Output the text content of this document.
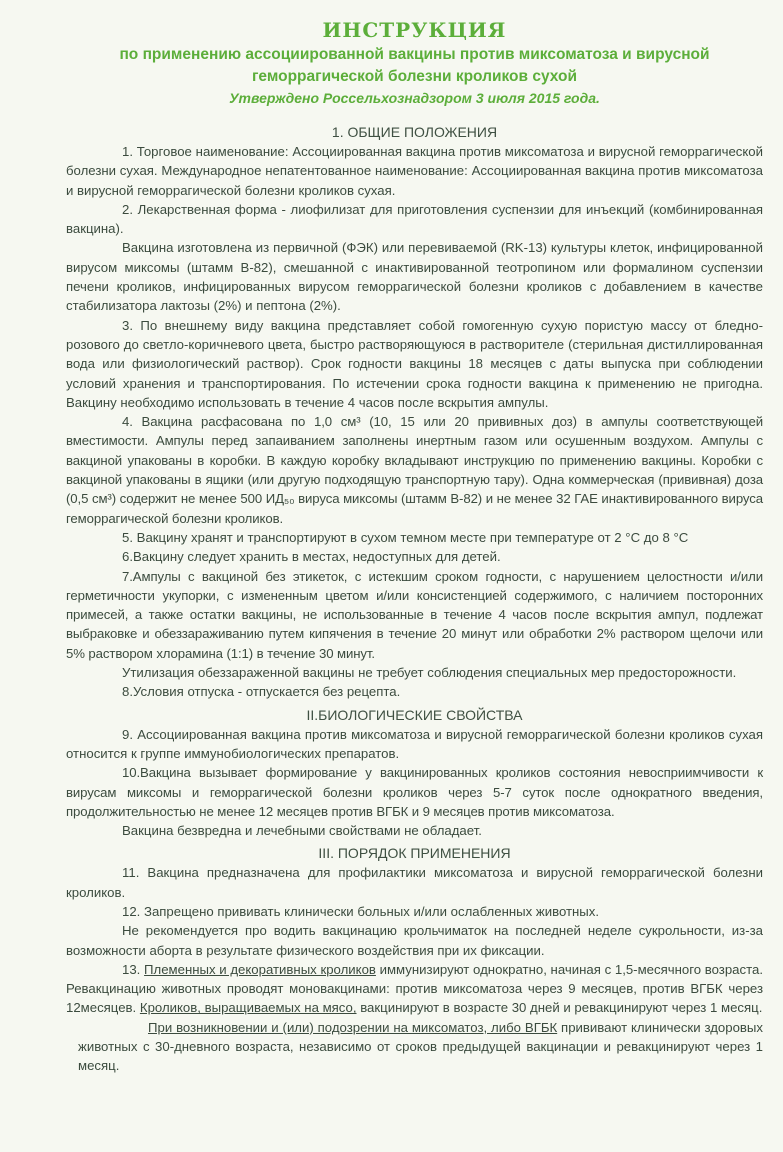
ИНСТРУКЦИЯ
по применению ассоциированной вакцины против миксоматоза и вирусной
геморрагической болезни кроликов сухой
Утверждено Россельхознадзором 3 июля 2015 года.
1. ОБЩИЕ ПОЛОЖЕНИЯ

1. Торговое наименование: Ассоциированная вакцина против миксоматоза и вирусной геморрагической болезни сухая. Международное непатентованное наименование: Ассоциированная вакцина против миксоматоза и вирусной геморрагической болезни кроликов сухая.

2. Лекарственная форма - лиофилизат для приготовления суспензии для инъекций (комбинированная вакцина).

Вакцина изготовлена из первичной (ФЭК) или перевиваемой (RK-13) культуры клеток, инфицированной вирусом миксомы (штамм В-82), смешанной с инактивированной теотропином или формалином суспензии печени кроликов, инфицированных вирусом геморрагической болезни кроликов с добавлением в качестве стабилизатора лактозы (2%) и пептона (2%).

3. По внешнему виду вакцина представляет собой гомогенную сухую пористую массу от бледно-розового до светло-коричневого цвета, быстро растворяющуюся в растворителе (стерильная дистиллированная вода или физиологический раствор). Срок годности вакцины 18 месяцев с даты выпуска при соблюдении условий хранения и транспортирования. По истечении срока годности вакцина к применению не пригодна. Вакцину необходимо использовать в течение 4 часов после вскрытия ампулы.

4. Вакцина расфасована по 1,0 см³ (10, 15 или 20 прививных доз) в ампулы соответствующей вместимости. Ампулы перед запаиванием заполнены инертным газом или осушенным воздухом. Ампулы с вакциной упакованы в коробки. В каждую коробку вкладывают инструкцию по применению вакцины. Коробки с вакциной упакованы в ящики (или другую подходящую транспортную тару). Одна коммерческая (прививная) доза (0,5 см³) содержит не менее 500 ИД₅₀ вируса миксомы (штамм В-82) и не менее 32 ГАЕ инактивированного вируса геморрагической болезни кроликов.

5. Вакцину хранят и транспортируют в сухом темном месте при температуре от 2 °С до 8 °С

6.Вакцину следует хранить в местах, недоступных для детей.

7.Ампулы с вакциной без этикеток, с истекшим сроком годности, с нарушением целостности и/или герметичности укупорки, с измененным цветом и/или консистенцией содержимого, с наличием посторонних примесей, а также остатки вакцины, не использованные в течение 4 часов после вскрытия ампул, подлежат выбраковке и обеззараживанию путем кипячения в течение 20 минут или обработки 2% раствором щелочи или 5% раствором хлорамина (1:1) в течение 30 минут.

Утилизация обеззараженной вакцины не требует соблюдения специальных мер предосторожности.

8.Условия отпуска - отпускается без рецепта.

II.БИОЛОГИЧЕСКИЕ СВОЙСТВА

9. Ассоциированная вакцина против миксоматоза и вирусной геморрагической болезни кроликов сухая относится к группе иммунобиологических препаратов.

10.Вакцина вызывает формирование у вакцинированных кроликов состояния невосприимчивости к вирусам миксомы и геморрагической болезни кроликов через 5-7 суток после однократного введения, продолжительностью не менее 12 месяцев против ВГБК и 9 месяцев против миксоматоза.

Вакцина безвредна и лечебными свойствами не обладает.

III. ПОРЯДОК ПРИМЕНЕНИЯ

11. Вакцина предназначена для профилактики миксоматоза и вирусной геморрагической болезни кроликов.

12. Запрещено прививать клинически больных и/или ослабленных животных.

Не рекомендуется про водить вакцинацию крольчиматок на последней неделе сукрольности, из-за возможности аборта в результате физического воздействия при их фиксации.

13. Племенных и декоративных кроликов иммунизируют однократно, начиная с 1,5-месячного возраста. Ревакцинацию животных проводят моновакцинами: против миксоматоза через 9 месяцев, против ВГБК через 12месяцев. Кроликов, выращиваемых на мясо, вакцинируют в возрасте 30 дней и ревакцинируют через 1 месяц.

При возникновении и (или) подозрении на миксоматоз, либо ВГБК прививают клинически здоровых животных с 30-дневного возраста, независимо от сроков предыдущей вакцинации и ревакцинируют через 1 месяц.
